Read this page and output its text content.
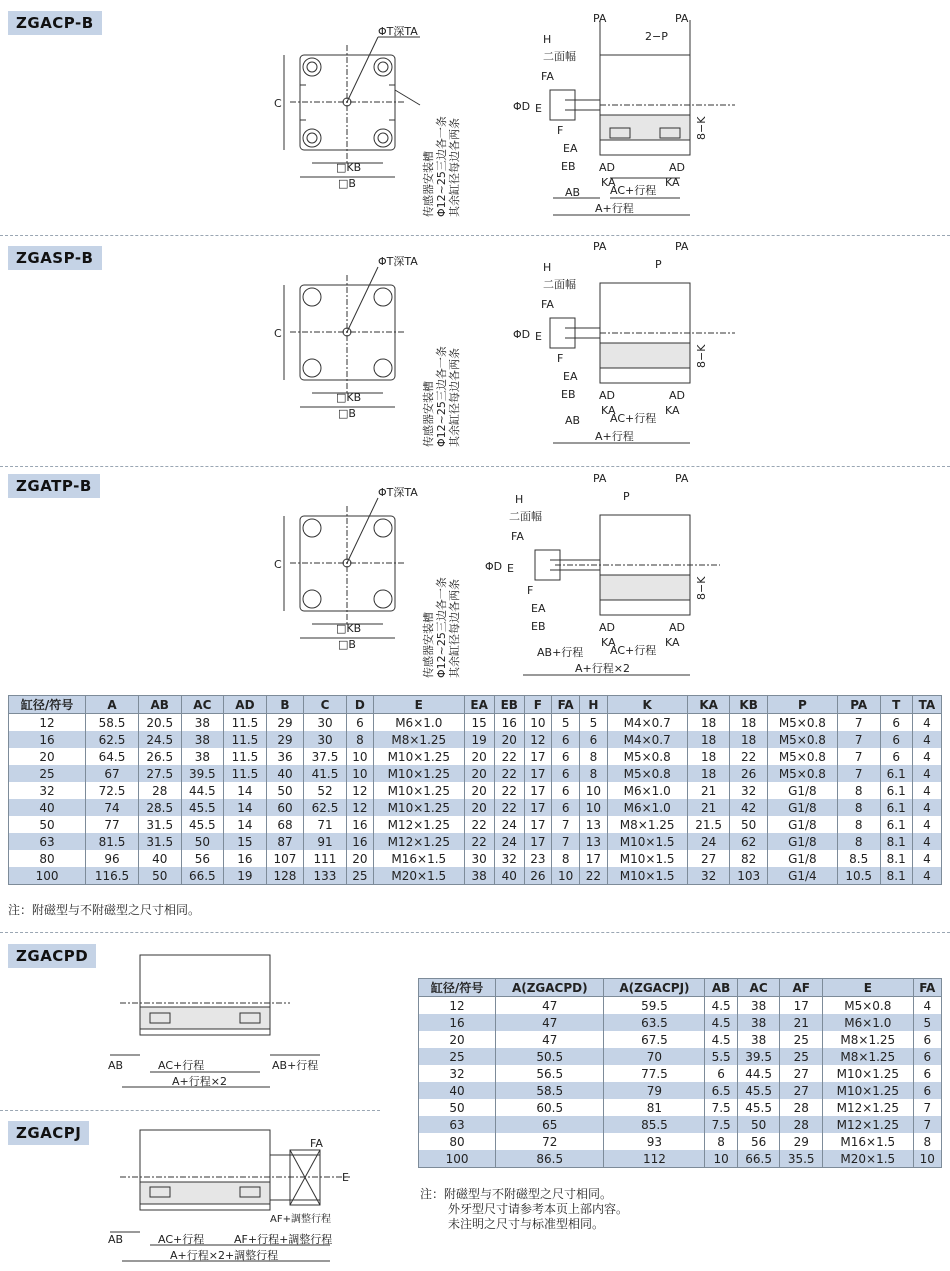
ZGACP-B
ZGASP-B
ZGATP-B
ΦT深TA
C
□KB
□B	传感器安装槽 Φ12~25三边各一条 其余缸径每边各两条
PA	PA
2−P
H
二面幅
FA
ΦD E
F
EA
EB AD	AD
KA	KA
AB	AC+行程
A+行程
8−K
ΦT深TA
C
□KB
□B	传感器安装槽 Φ12~25三边各一条 其余缸径每边各两条
PA	PA
P
H
二面幅
FA
ΦD E
F
EA
EB AD	AD
KA	KA
AB	AC+行程
A+行程
8−K
ΦT深TA
C
□KB
□B	传感器安装槽 Φ12~25三边各一条 其余缸径每边各两条
PA	PA
P
H
二面幅
FA
ΦD E
F
EA
EB	AD	AD
KA	KA
AB+行程 AC+行程
A+行程×2
8−K
缸径/符号	A	AB	AC	AD	B	C	D	E	EA	EB	F	FA	H	K	KA	KB	P	PA	T	TA
12	58.5	20.5	38	11.5	29	30	6	M6×1.0	15	16	10	5	5	M4×0.7	18	18	M5×0.8	7	6	4
16	62.5	24.5	38	11.5	29	30	8	M8×1.25	19	20	12	6	6	M4×0.7	18	18	M5×0.8	7	6	4
20	64.5	26.5	38	11.5	36	37.5	10	M10×1.25	20	22	17	6	8	M5×0.8	18	22	M5×0.8	7	6	4
25	67	27.5	39.5	11.5	40	41.5	10	M10×1.25	20	22	17	6	8	M5×0.8	18	26	M5×0.8	7	6.1	4
32	72.5	28	44.5	14	50	52	12	M10×1.25	20	22	17	6	10	M6×1.0	21	32	G1/8	8	6.1	4
40	74	28.5	45.5	14	60	62.5	12	M10×1.25	20	22	17	6	10	M6×1.0	21	42	G1/8	8	6.1	4
50	77	31.5	45.5	14	68	71	16	M12×1.25	22	24	17	7	13	M8×1.25	21.5	50	G1/8	8	6.1	4
63	81.5	31.5	50	15	87	91	16	M12×1.25	22	24	17	7	13	M10×1.5	24	62	G1/8	8	8.1	4
80	96	40	56	16	107	111	20	M16×1.5	30	32	23	8	17	M10×1.5	27	82	G1/8	8.5	8.1	4
100	116.5	50	66.5	19	128	133	25	M20×1.5	38	40	26	10	22	M10×1.5	32	103	G1/4	10.5	8.1	4
注：附磁型与不附磁型之尺寸相同。
ZGACPD
ZGACPJ
AB	AC+行程	AB+行程
A+行程×2
FA
E
AF+調整行程
AB	AC+行程	AF+行程+調整行程
A+行程×2+調整行程
缸径/符号	A(ZGACPD)	A(ZGACPJ)	AB	AC	AF	E	FA
12	47	59.5	4.5	38	17	M5×0.8	4
16	47	63.5	4.5	38	21	M6×1.0	5
20	47	67.5	4.5	38	25	M8×1.25	6
25	50.5	70	5.5	39.5	25	M8×1.25	6
32	56.5	77.5	6	44.5	27	M10×1.25	6
40	58.5	79	6.5	45.5	27	M10×1.25	6
50	60.5	81	7.5	45.5	28	M12×1.25	7
63	65	85.5	7.5	50	28	M12×1.25	7
80	72	93	8	56	29	M16×1.5	8
100	86.5	112	10	66.5	35.5	M20×1.5	10
注：附磁型与不附磁型之尺寸相同。
外牙型尺寸请参考本页上部内容。
未注明之尺寸与标准型相同。
